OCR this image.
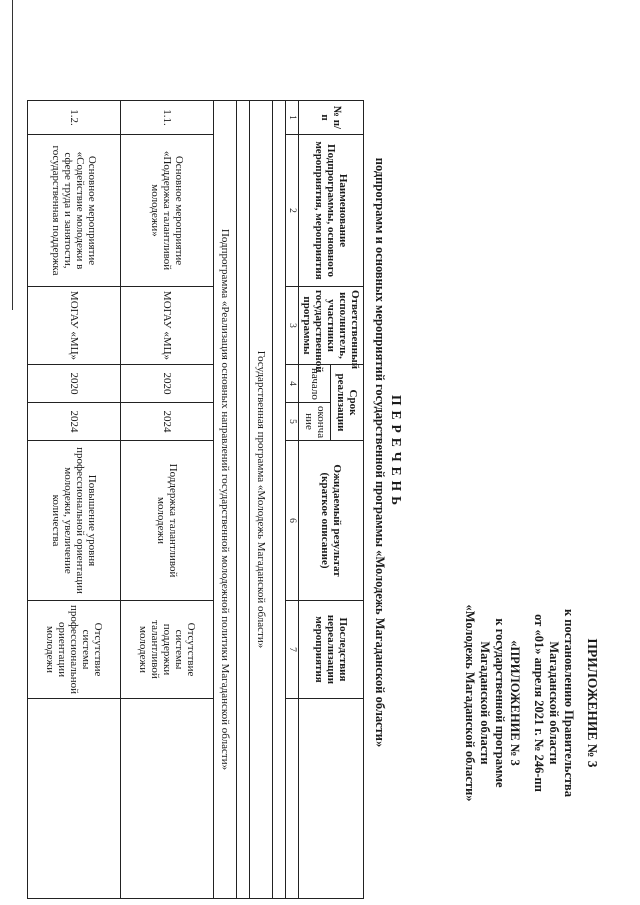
ПРИЛОЖЕНИЕ № 3
к постановлению Правительства
Магаданской области
от «01» апреля 2021 г. № 246-пп
«ПРИЛОЖЕНИЕ № 3
к государственной программе
Магаданской области
«Молодежь Магаданской области»
ПЕРЕЧЕНЬ
подпрограмм и основных мероприятий государственной программы «Молодежь Магаданской области»
№ п/п	Наименование Подпрограммы, основного мероприятия, мероприятия	Ответственный исполнитель, участники государственной программы	Срок реализации		Ожидаемый результат (краткое описание)	Последствия нереализации мероприятия	
			начало	оконча ние			
1	2	3	4	5	6	7	

Государственная программа «Молодежь Магаданской области»							

Подпрограмма «Реализация основных направлений государственной молодежной политики Магаданской области»							
1.1.	Основное мероприятие «Поддержка талантливой молодежи»	МОГАУ «МЦ»	2020	2024	Поддержка талантливой молодежи	Отсутствие системы поддержки талантливой молодежи	
1.2.	Основное мероприятие «Содействие молодежи в сфере труда и занятости, государственная поддержка	МОГАУ «МЦ»	2020	2024	Повышение уровня профессиональной ориентации молодежи, увеличение количества	Отсутствие системы профессиональной ориентации молодежи	
